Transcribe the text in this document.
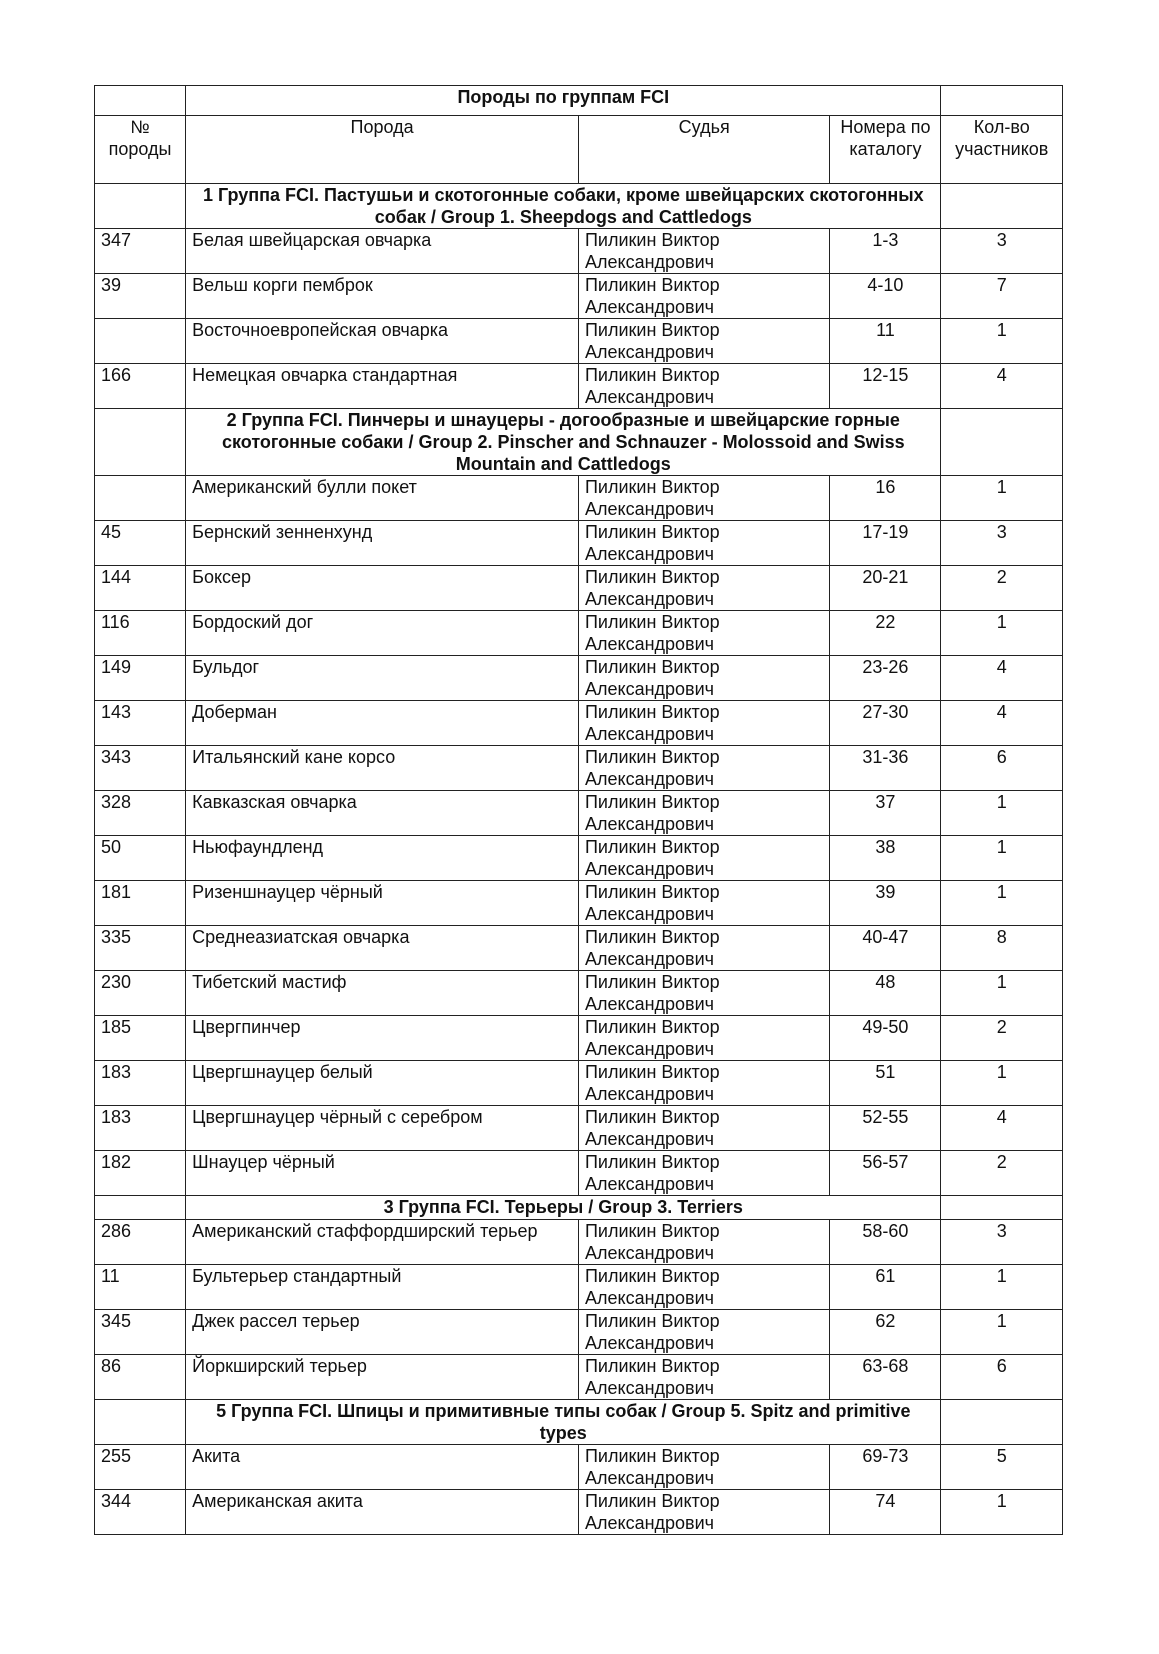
	Породы по группам FCI			
№ породы	Порода	Судья	Номера по каталогу	Кол-во участников
	1 Группа FCI. Пастушьи и скотогонные собаки, кроме швейцарских скотогонных собак / Group 1. Sheepdogs and Cattledogs			
347	Белая швейцарская овчарка	Пиликин Виктор Александрович	1-3	3
39	Вельш корги пемброк	Пиликин Виктор Александрович	4-10	7
	Восточноевропейская овчарка	Пиликин Виктор Александрович	11	1
166	Немецкая овчарка стандартная	Пиликин Виктор Александрович	12-15	4
	2 Группа FCI. Пинчеры и шнауцеры - догообразные и швейцарские горные скотогонные собаки / Group 2. Pinscher and Schnauzer - Molossoid and Swiss Mountain and Cattledogs			
	Американский булли покет	Пиликин Виктор Александрович	16	1
45	Бернский зенненхунд	Пиликин Виктор Александрович	17-19	3
144	Боксер	Пиликин Виктор Александрович	20-21	2
116	Бордоский дог	Пиликин Виктор Александрович	22	1
149	Бульдог	Пиликин Виктор Александрович	23-26	4
143	Доберман	Пиликин Виктор Александрович	27-30	4
343	Итальянский кане корсо	Пиликин Виктор Александрович	31-36	6
328	Кавказская овчарка	Пиликин Виктор Александрович	37	1
50	Ньюфаундленд	Пиликин Виктор Александрович	38	1
181	Ризеншнауцер чёрный	Пиликин Виктор Александрович	39	1
335	Среднеазиатская овчарка	Пиликин Виктор Александрович	40-47	8
230	Тибетский мастиф	Пиликин Виктор Александрович	48	1
185	Цвергпинчер	Пиликин Виктор Александрович	49-50	2
183	Цвергшнауцер белый	Пиликин Виктор Александрович	51	1
183	Цвергшнауцер чёрный с серебром	Пиликин Виктор Александрович	52-55	4
182	Шнауцер чёрный	Пиликин Виктор Александрович	56-57	2
	3 Группа FCI. Терьеры / Group 3. Terriers			
286	Американский стаффордширский терьер	Пиликин Виктор Александрович	58-60	3
11	Бультерьер стандартный	Пиликин Виктор Александрович	61	1
345	Джек рассел терьер	Пиликин Виктор Александрович	62	1
86	Йоркширский терьер	Пиликин Виктор Александрович	63-68	6
	5 Группа FCI. Шпицы и примитивные типы собак / Group 5. Spitz and primitive types			
255	Акита	Пиликин Виктор Александрович	69-73	5
344	Американская акита	Пиликин Виктор Александрович	74	1
